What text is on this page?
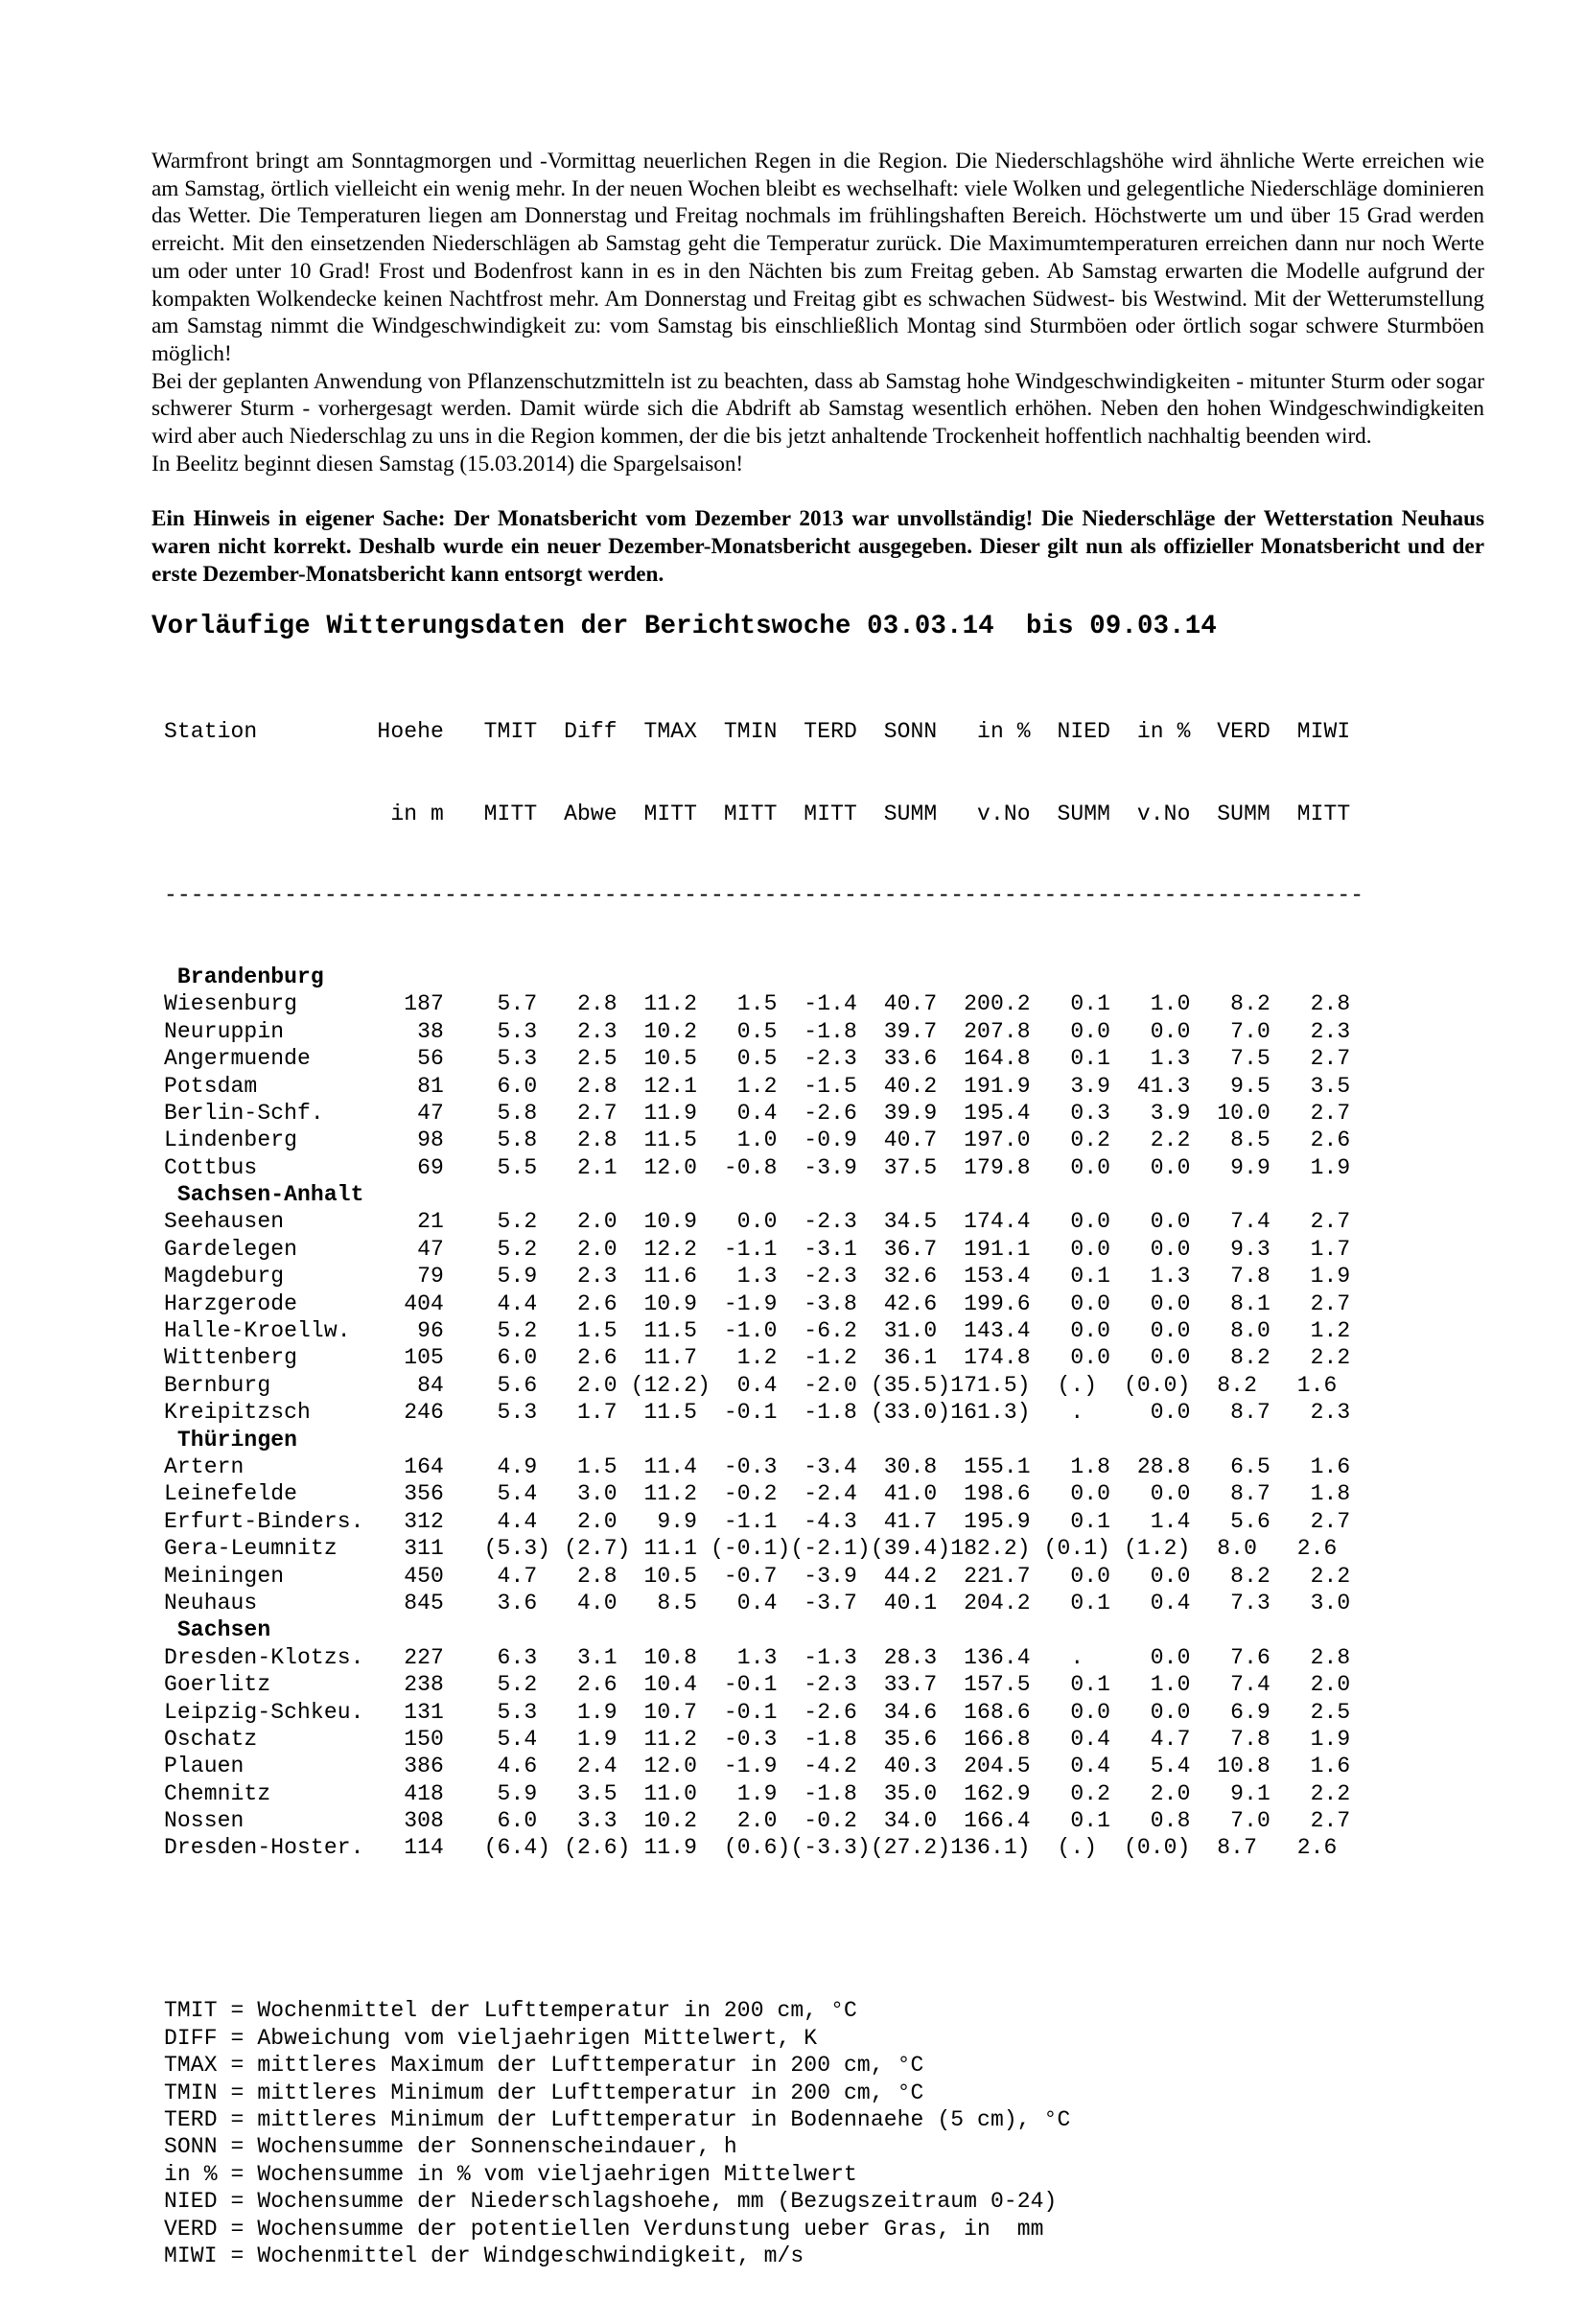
Warmfront bringt am Sonntagmorgen und -Vormittag neuerlichen Regen in die Region. Die Niederschlagshöhe wird ähnliche Werte erreichen wie am Samstag, örtlich vielleicht ein wenig mehr. In der neuen Wochen bleibt es wechselhaft: viele Wolken und gelegentliche Niederschläge dominieren das Wetter. Die Temperaturen liegen am Donnerstag und Freitag nochmals im frühlingshaften Bereich. Höchstwerte um und über 15 Grad werden erreicht. Mit den einsetzenden Niederschlägen ab Samstag geht die Temperatur zurück. Die Maximumtemperaturen erreichen dann nur noch Werte um oder unter 10 Grad! Frost und Bodenfrost kann in es in den Nächten bis zum Freitag geben. Ab Samstag erwarten die Modelle aufgrund der kompakten Wolkendecke keinen Nachtfrost mehr. Am Donnerstag und Freitag gibt es schwachen Südwest- bis Westwind. Mit der Wetterumstellung am Samstag nimmt die Windgeschwindigkeit zu: vom Samstag bis einschließlich Montag sind Sturmböen oder örtlich sogar schwere Sturmböen möglich!

Bei der geplanten Anwendung von Pflanzenschutzmitteln ist zu beachten, dass ab Samstag hohe Windgeschwindigkeiten - mitunter Sturm oder sogar schwerer Sturm - vorhergesagt werden. Damit würde sich die Abdrift ab Samstag wesentlich erhöhen. Neben den hohen Windgeschwindigkeiten wird aber auch Niederschlag zu uns in die Region kommen, der die bis jetzt anhaltende Trockenheit hoffentlich nachhaltig beenden wird.

In Beelitz beginnt diesen Samstag (15.03.2014) die Spargelsaison!

Ein Hinweis in eigener Sache: Der Monatsbericht vom Dezember 2013 war unvollständig! Die Niederschläge der Wetterstation Neuhaus waren nicht korrekt. Deshalb wurde ein neuer Dezember-Monatsbericht ausgegeben. Dieser gilt nun als offizieller Monatsbericht und der erste Dezember-Monatsbericht kann entsorgt werden.
Vorläufige Witterungsdaten der Berichtswoche 03.03.14  bis 09.03.14

Station         Hoehe   TMIT  Diff  TMAX  TMIN  TERD  SONN   in %  NIED  in %  VERD  MIWI

in m   MITT  Abwe  MITT  MITT  MITT  SUMM   v.No  SUMM  v.No  SUMM  MITT

------------------------------------------------------------------------------------------

Brandenburg
Wiesenburg        187    5.7   2.8  11.2   1.5  -1.4  40.7  200.2   0.1   1.0   8.2   2.8
Neuruppin          38    5.3   2.3  10.2   0.5  -1.8  39.7  207.8   0.0   0.0   7.0   2.3
Angermuende        56    5.3   2.5  10.5   0.5  -2.3  33.6  164.8   0.1   1.3   7.5   2.7
Potsdam            81    6.0   2.8  12.1   1.2  -1.5  40.2  191.9   3.9  41.3   9.5   3.5
Berlin-Schf.       47    5.8   2.7  11.9   0.4  -2.6  39.9  195.4   0.3   3.9  10.0   2.7
Lindenberg         98    5.8   2.8  11.5   1.0  -0.9  40.7  197.0   0.2   2.2   8.5   2.6
Cottbus            69    5.5   2.1  12.0  -0.8  -3.9  37.5  179.8   0.0   0.0   9.9   1.9
Sachsen-Anhalt
Seehausen          21    5.2   2.0  10.9   0.0  -2.3  34.5  174.4   0.0   0.0   7.4   2.7
Gardelegen         47    5.2   2.0  12.2  -1.1  -3.1  36.7  191.1   0.0   0.0   9.3   1.7
Magdeburg          79    5.9   2.3  11.6   1.3  -2.3  32.6  153.4   0.1   1.3   7.8   1.9
Harzgerode        404    4.4   2.6  10.9  -1.9  -3.8  42.6  199.6   0.0   0.0   8.1   2.7
Halle-Kroellw.     96    5.2   1.5  11.5  -1.0  -6.2  31.0  143.4   0.0   0.0   8.0   1.2
Wittenberg        105    6.0   2.6  11.7   1.2  -1.2  36.1  174.8   0.0   0.0   8.2   2.2
Bernburg           84    5.6   2.0 (12.2)  0.4  -2.0 (35.5)171.5)  (.)  (0.0)  8.2   1.6
Kreipitzsch       246    5.3   1.7  11.5  -0.1  -1.8 (33.0)161.3)   .     0.0   8.7   2.3
Thüringen
Artern            164    4.9   1.5  11.4  -0.3  -3.4  30.8  155.1   1.8  28.8   6.5   1.6
Leinefelde        356    5.4   3.0  11.2  -0.2  -2.4  41.0  198.6   0.0   0.0   8.7   1.8
Erfurt-Binders.   312    4.4   2.0   9.9  -1.1  -4.3  41.7  195.9   0.1   1.4   5.6   2.7
Gera-Leumnitz     311   (5.3) (2.7) 11.1 (-0.1)(-2.1)(39.4)182.2) (0.1) (1.2)  8.0   2.6
Meiningen         450    4.7   2.8  10.5  -0.7  -3.9  44.2  221.7   0.0   0.0   8.2   2.2
Neuhaus           845    3.6   4.0   8.5   0.4  -3.7  40.1  204.2   0.1   0.4   7.3   3.0
Sachsen
Dresden-Klotzs.   227    6.3   3.1  10.8   1.3  -1.3  28.3  136.4   .     0.0   7.6   2.8
Goerlitz          238    5.2   2.6  10.4  -0.1  -2.3  33.7  157.5   0.1   1.0   7.4   2.0
Leipzig-Schkeu.   131    5.3   1.9  10.7  -0.1  -2.6  34.6  168.6   0.0   0.0   6.9   2.5
Oschatz           150    5.4   1.9  11.2  -0.3  -1.8  35.6  166.8   0.4   4.7   7.8   1.9
Plauen            386    4.6   2.4  12.0  -1.9  -4.2  40.3  204.5   0.4   5.4  10.8   1.6
Chemnitz          418    5.9   3.5  11.0   1.9  -1.8  35.0  162.9   0.2   2.0   9.1   2.2
Nossen            308    6.0   3.3  10.2   2.0  -0.2  34.0  166.4   0.1   0.8   7.0   2.7
Dresden-Hoster.   114   (6.4) (2.6) 11.9  (0.6)(-3.3)(27.2)136.1)  (.)  (0.0)  8.7   2.6

TMIT = Wochenmittel der Lufttemperatur in 200 cm, °C
DIFF = Abweichung vom vieljaehrigen Mittelwert, K
TMAX = mittleres Maximum der Lufttemperatur in 200 cm, °C
TMIN = mittleres Minimum der Lufttemperatur in 200 cm, °C
TERD = mittleres Minimum der Lufttemperatur in Bodennaehe (5 cm), °C
SONN = Wochensumme der Sonnenscheindauer, h
in % = Wochensumme in % vom vieljaehrigen Mittelwert
NIED = Wochensumme der Niederschlagshoehe, mm (Bezugszeitraum 0-24)
VERD = Wochensumme der potentiellen Verdunstung ueber Gras, in  mm
MIWI = Wochenmittel der Windgeschwindigkeit, m/s
